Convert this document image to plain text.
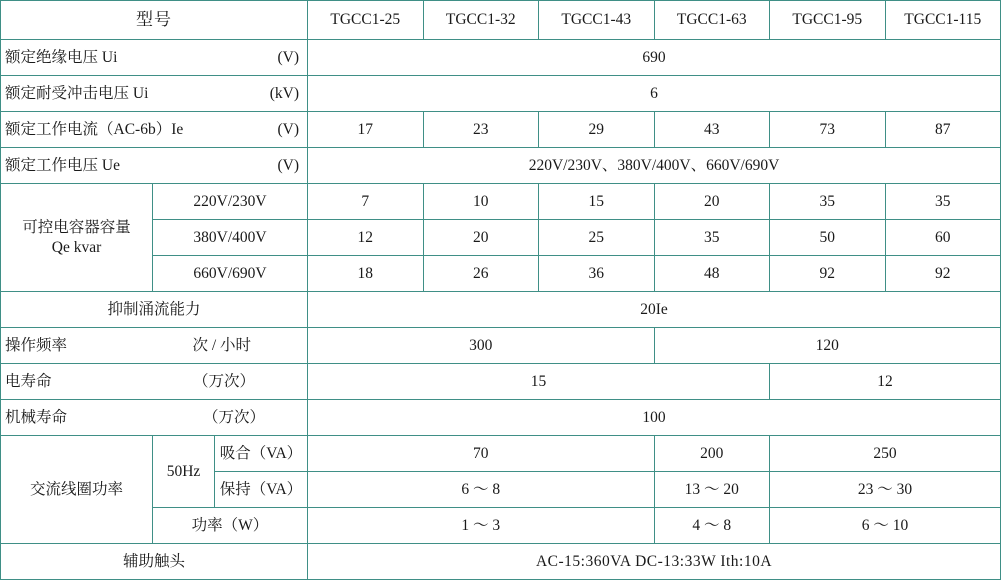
型号			TGCC1-25	TGCC1-32	TGCC1-43	TGCC1-63	TGCC1-95	TGCC1-115

额定绝缘电压 Ui (V)			690					

额定耐受冲击电压 Ui (kV)			6					

额定工作电流（AC-6b）Ie (V)			17	23	29	43	73	87

额定工作电压 Ue (V)			220V/230V、380V/400V、660V/690V					

可控电容器容量
Qe kvar	220V/230V		7	10	15	20	35	35
	380V/400V		12	20	25	35	50	60
	660V/690V		18	26	36	48	92	92
抑制涌流能力			20Ie					

操作频率 次 / 小时			300			120		

电寿命 （万次）			15				12	

机械寿命 （万次）			100					
交流线圈功率	50Hz	吸合（VA）	70			200	250	
		保持（VA）	6 ～ 8			13 ～ 20	23 ～ 30	
	功率（W）		1 ～ 3			4 ～ 8	6 ～ 10	
辅助触头			AC-15:360VA DC-13:33W Ith:10A					
